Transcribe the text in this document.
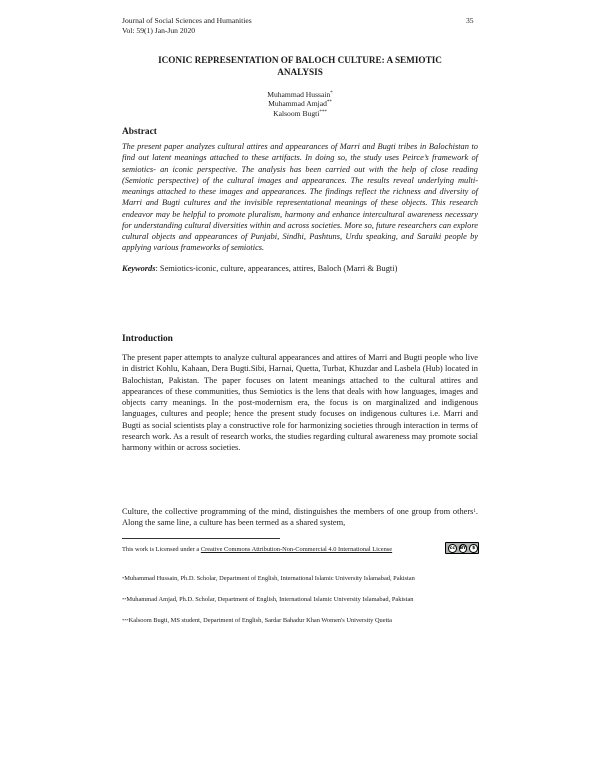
Journal of Social Sciences and Humanities
Vol: 59(1) Jan-Jun 2020
35
ICONIC REPRESENTATION OF BALOCH CULTURE: A SEMIOTIC
ANALYSIS
Muhammad Hussain*
Muhammad Amjad**
Kalsoom Bugti***
Abstract

The present paper analyzes cultural attires and appearances of Marri and Bugti tribes in Balochistan to find out latent meanings attached to these artifacts. In doing so, the study uses Peirce’s framework of semiotics- an iconic perspective. The analysis has been carried out with the help of close reading (Semiotic perspective) of the cultural images and appearances. The results reveal underlying multi-meanings attached to these images and appearances. The findings reflect the richness and diversity of Marri and Bugti cultures and the invisible representational meanings of these objects. This research endeavor may be helpful to promote pluralism, harmony and enhance intercultural awareness necessary for understanding cultural diversities within and across societies. More so, future researchers can explore cultural objects and appearances of Punjabi, Sindhi, Pashtuns, Urdu speaking, and Saraiki people by applying various frameworks of semiotics.

Keywords: Semiotics-iconic, culture, appearances, attires, Baloch (Marri & Bugti)

Introduction

The present paper attempts to analyze cultural appearances and attires of Marri and Bugti people who live in district Kohlu, Kahaan, Dera Bugti.Sibi, Harnai, Quetta, Turbat, Khuzdar and Lasbela (Hub) located in Balochistan, Pakistan. The paper focuses on latent meanings attached to the cultural attires and appearances of these communities, thus Semiotics is the lens that deals with how languages, images and objects carry meanings. In the post-modernism era, the focus is on marginalized and indigenous languages, cultures and people; hence the present study focuses on indigenous cultures i.e. Marri and Bugti as social scientists play a constructive role for harmonizing societies through interaction in terms of research work. As a result of research works, the studies regarding cultural awareness may promote social harmony within or across societies.

Culture, the collective programming of the mind, distinguishes the members of one group from others$^1$. Along the same line, a culture has been termed as a shared system,

This work is Licensed under a Creative Commons Attribution-Non-Commercial 4.0 International License	cc	BY	$

*Muhammad Hussain, Ph.D. Scholar, Department of English, International Islamic University Islamabad, Pakistan

**Muhammad Amjad, Ph.D. Scholar, Department of English, International Islamic University Islamabad, Pakistan

***Kalsoom Bugti, MS student, Department of English, Sardar Bahadur Khan Women's University Quetta
